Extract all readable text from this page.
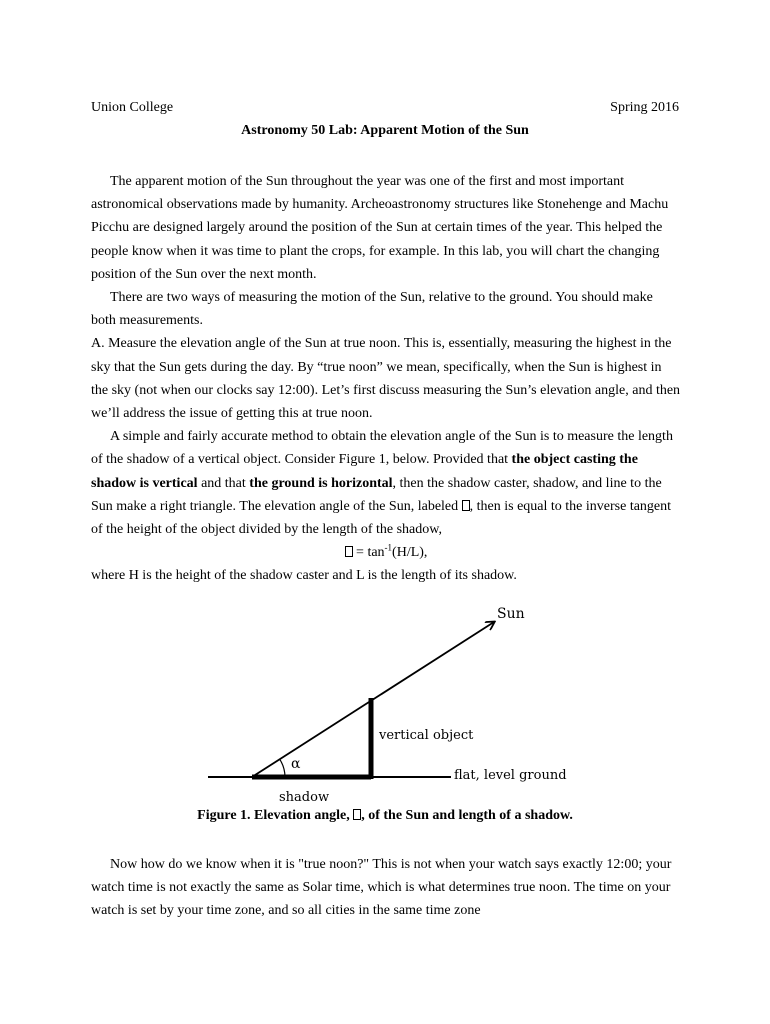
Union College	Spring 2016
Astronomy 50 Lab: Apparent Motion of the Sun

The apparent motion of the Sun throughout the year was one of the first and most important astronomical observations made by humanity. Archeoastronomy structures like Stonehenge and Machu Picchu are designed largely around the position of the Sun at certain times of the year. This helped the people know when it was time to plant the crops, for example. In this lab, you will chart the changing position of the Sun over the next month.

There are two ways of measuring the motion of the Sun, relative to the ground. You should make both measurements.

A. Measure the elevation angle of the Sun at true noon. This is, essentially, measuring the highest in the sky that the Sun gets during the day. By “true noon” we mean, specifically, when the Sun is highest in the sky (not when our clocks say 12:00). Let’s first discuss measuring the Sun’s elevation angle, and then we’ll address the issue of getting this at true noon.

A simple and fairly accurate method to obtain the elevation angle of the Sun is to measure the length of the shadow of a vertical object. Consider Figure 1, below. Provided that the object casting the shadow is vertical and that the ground is horizontal, then the shadow caster, shadow, and line to the Sun make a right triangle. The elevation angle of the Sun, labeled , then is equal to the inverse tangent of the height of the object divided by the length of the shadow,

= $\tan^{-1}(H/L)$,

where H is the height of the shadow caster and L is the length of its shadow.

Sun
vertical object
α
flat, level ground
shadow
Figure 1. Elevation angle, , of the Sun and length of a shadow.

Now how do we know when it is "true noon?" This is not when your watch says exactly 12:00; your watch time is not exactly the same as Solar time, which is what determines true noon. The time on your watch is set by your time zone, and so all cities in the same time zone
